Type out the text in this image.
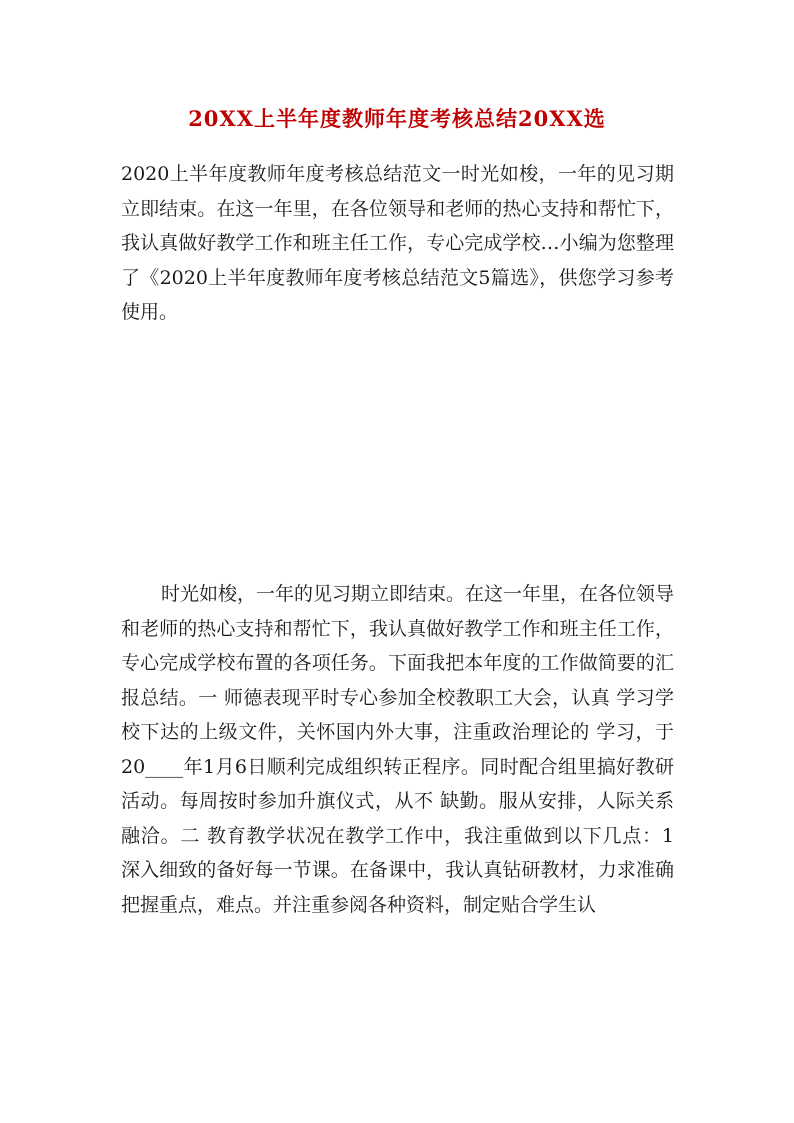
20XX上半年度教师年度考核总结20XX选

2020上半年度教师年度考核总结范文一时光如梭，一年的见习期立即结束。在这一年里，在各位领导和老师的热心支持和帮忙下，我认真做好教学工作和班主任工作，专心完成学校…小编为您整理了《2020上半年度教师年度考核总结范文5篇选》，供您学习参考使用。

时光如梭，一年的见习期立即结束。在这一年里，在各位领导和老师的热心支持和帮忙下，我认真做好教学工作和班主任工作，专心完成学校布置的各项任务。下面我把本年度的工作做简要的汇报总结。一 师德表现平时专心参加全校教职工大会，认真 学习学校下达的上级文件，关怀国内外大事，注重政治理论的 学习，于20____年1月6日顺利完成组织转正程序。同时配合组里搞好教研活动。每周按时参加升旗仪式，从不 缺勤。服从安排，人际关系融洽。二 教育教学状况在教学工作中，我注重做到以下几点：1 深入细致的备好每一节课。在备课中，我认真钻研教材，力求准确把握重点，难点。并注重参阅各种资料，制定贴合学生认
